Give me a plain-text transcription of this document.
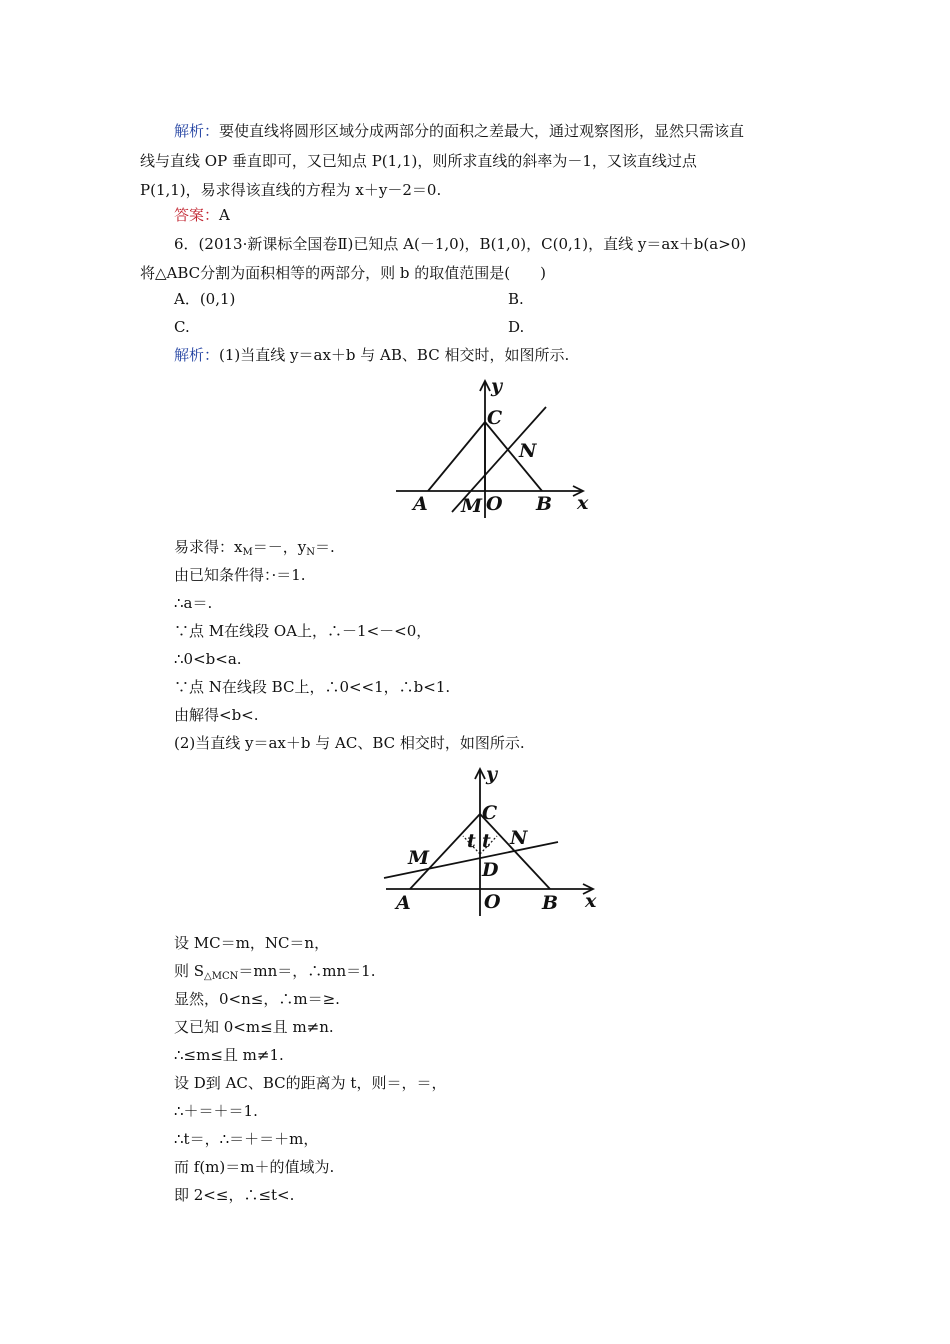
解析：要使直线将圆形区域分成两部分的面积之差最大，通过观察图形，显然只需该直
线与直线 OP 垂直即可，又已知点 P(1,1)，则所求直线的斜率为－1，又该直线过点
P(1,1)，易求得该直线的方程为 x＋y－2＝0.
答案：A
6．(2013·新课标全国卷Ⅱ)已知点 A(－1,0)，B(1,0)，C(0,1)，直线 y＝ax＋b(a>0)
将△ABC分割为面积相等的两部分，则 b 的取值范围是(　　)
A．(0,1)	B.
C.	D.
解析：(1)当直线 y＝ax＋b 与 AB、BC 相交时，如图所示.
y
C
N
A M O B x
易求得：$x_M=-$，$y_N=$.
由已知条件得：·＝1.
∴a＝.
∵点 M在线段 OA上，∴－1<－<0，
∴0<b<a.
∵点 N在线段 BC上，∴0<<1，∴b<1.
由解得<b<.
(2)当直线 y＝ax＋b 与 AC、BC 相交时，如图所示.
y
C
t t N
M
D
A	O B x
设 MC＝m，NC＝n，
则 $S_{\triangle MCN}=mn=$，∴mn＝1.
显然，0<n≤，∴m＝≥.
又已知 0<m≤且 m≠n.
∴≤m≤且 m≠1.
设 D到 AC、BC的距离为 t，则＝，＝，
∴＋＝＋＝1.
∴t＝，∴＝＋＝＋m，
而 f(m)＝m＋的值域为.
即 2<≤，∴≤t<.
